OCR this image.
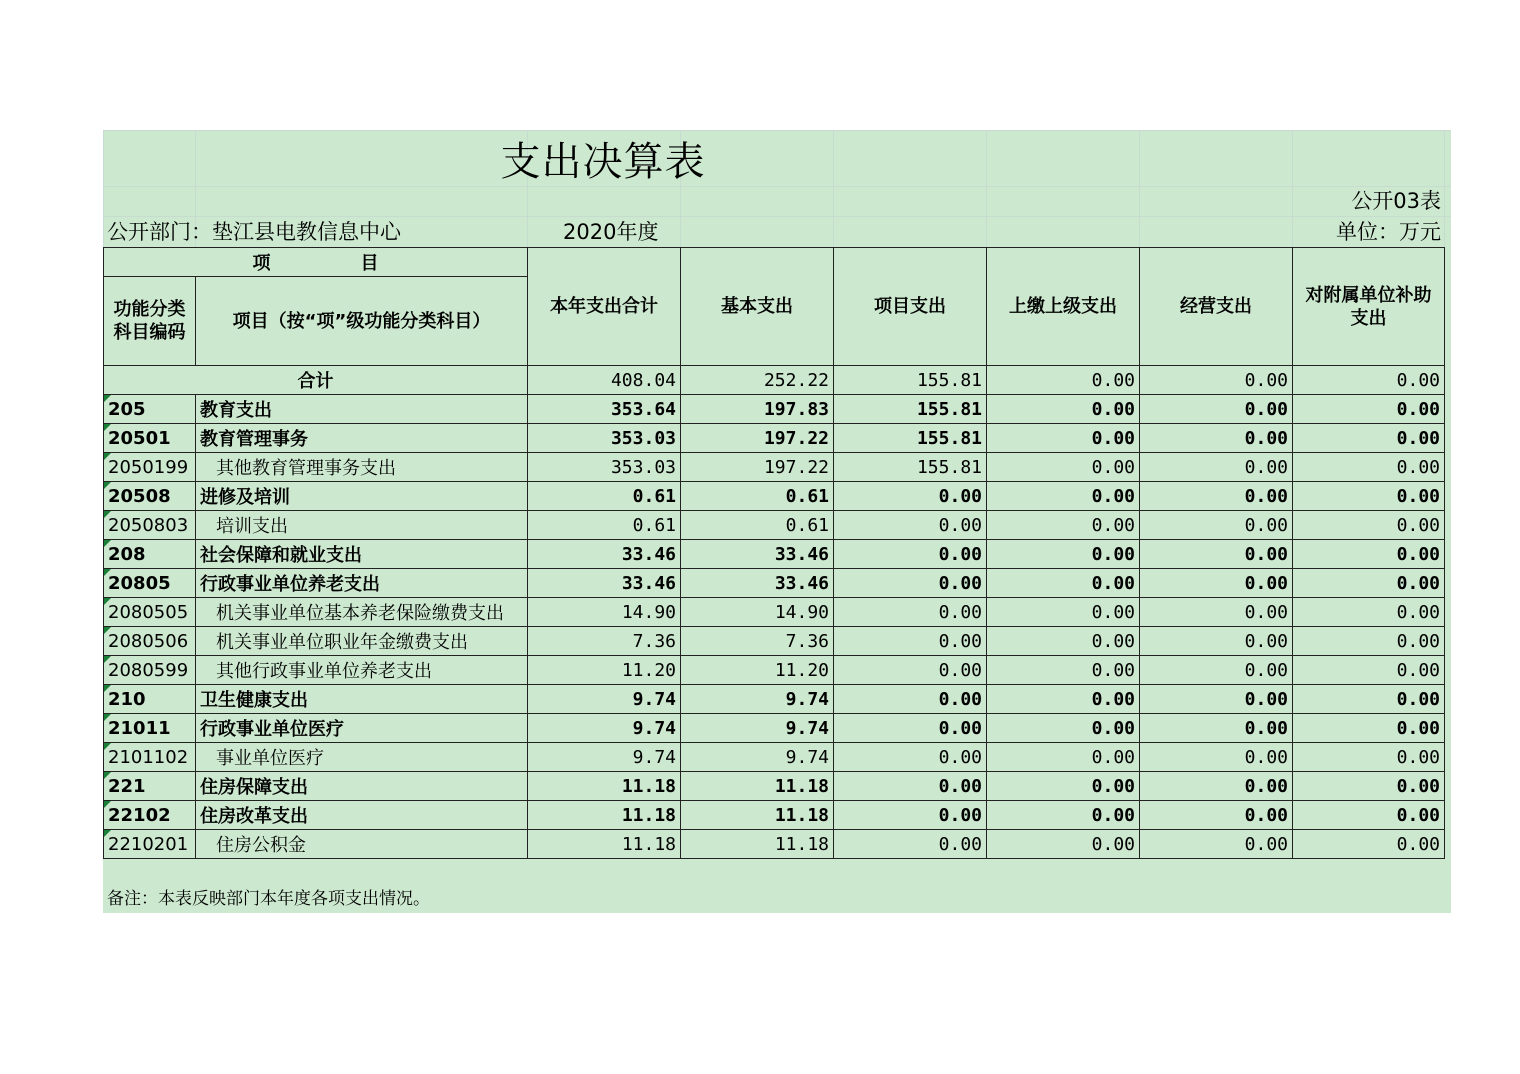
支出决算表
公开03表
公开部门：垫江县电教信息中心	2020年度	单位：万元
项　　　　　目		本年支出合计	基本支出	项目支出	上缴上级支出	经营支出	对附属单位补助支出
功能分类科目编码	项目（按“项”级功能分类科目）						
合计		408.04	252.22	155.81	0.00	0.00	0.00

205	教育支出	353.64	197.83	155.81	0.00	0.00	0.00

20501	教育管理事务	353.03	197.22	155.81	0.00	0.00	0.00

2050199	其他教育管理事务支出	353.03	197.22	155.81	0.00	0.00	0.00

20508	进修及培训	0.61	0.61	0.00	0.00	0.00	0.00

2050803	培训支出	0.61	0.61	0.00	0.00	0.00	0.00

208	社会保障和就业支出	33.46	33.46	0.00	0.00	0.00	0.00

20805	行政事业单位养老支出	33.46	33.46	0.00	0.00	0.00	0.00

2080505	机关事业单位基本养老保险缴费支出	14.90	14.90	0.00	0.00	0.00	0.00

2080506	机关事业单位职业年金缴费支出	7.36	7.36	0.00	0.00	0.00	0.00

2080599	其他行政事业单位养老支出	11.20	11.20	0.00	0.00	0.00	0.00

210	卫生健康支出	9.74	9.74	0.00	0.00	0.00	0.00

21011	行政事业单位医疗	9.74	9.74	0.00	0.00	0.00	0.00

2101102	事业单位医疗	9.74	9.74	0.00	0.00	0.00	0.00

221	住房保障支出	11.18	11.18	0.00	0.00	0.00	0.00

22102	住房改革支出	11.18	11.18	0.00	0.00	0.00	0.00

2210201	住房公积金	11.18	11.18	0.00	0.00	0.00	0.00
备注：本表反映部门本年度各项支出情况。
